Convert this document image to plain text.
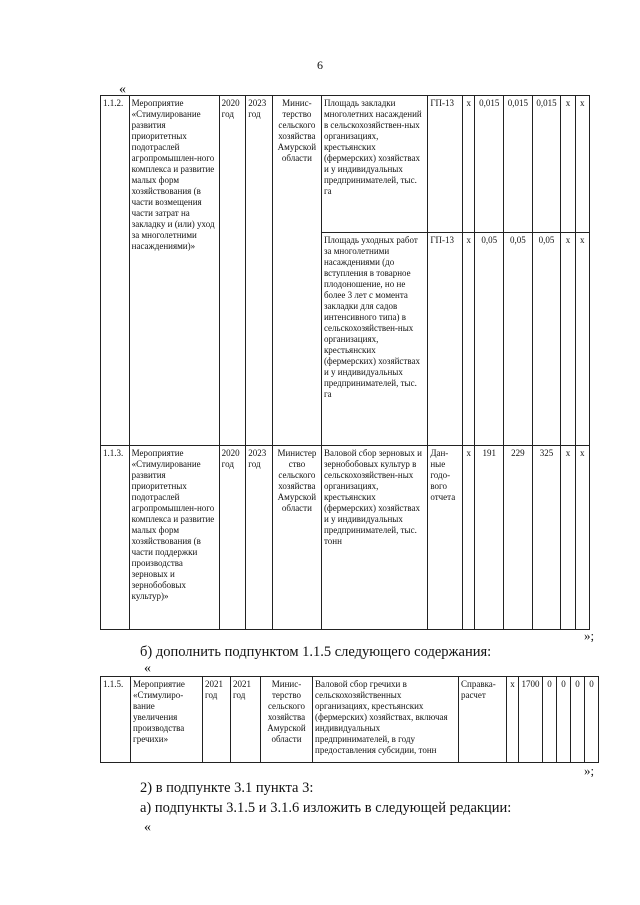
6
«
1.1.2.	Мероприятие «Стимулирование развития приоритетных подотраслей агропромышлен-ного комплекса и развитие малых форм хозяйствования (в части возмещения части затрат на закладку и (или) уход за многолетними насаждениями)»	2020 год	2023 год	Минис-терство сельского хозяйства Амурской области	Площадь закладки многолетних насаждений в сельскохозяйствен-ных организациях, крестьянских (фермерских) хозяйствах и у индивидуальных предпринимателей, тыс. га	ГП-13	х	0,015	0,015	0,015	х	х
					Площадь уходных работ за многолетними насаждениями (до вступления в товарное плодоношение, но не более 3 лет с момента закладки для садов интенсивного типа) в сельскохозяйствен-ных организациях, крестьянских (фермерских) хозяйствах и у индивидуальных предпринимателей, тыс. га	ГП-13	х	0,05	0,05	0,05	х	х
1.1.3.	Мероприятие «Стимулирование развития приоритетных подотраслей агропромышлен-ного комплекса и развитие малых форм хозяйствования (в части поддержки производства зерновых и зернобобовых культур)»	2020 год	2023 год	Министер ство сельского хозяйства Амурской области	Валовой сбор зерновых и зернобобовых культур в сельскохозяйствен-ных организациях, крестьянских (фермерских) хозяйствах и у индивидуальных предпринимателей, тыс. тонн	Дан-ные годо-вого отчета	х	191	229	325	х	х
»;
б) дополнить подпунктом 1.1.5 следующего содержания:
«
1.1.5.	Мероприятие «Стимулиро-вание увеличения производства гречихи»	2021 год	2021 год	Минис-терство сельского хозяйства Амурской области	Валовой сбор гречихи в сельскохозяйственных организациях, крестьянских (фермерских) хозяйствах, включая индивидуальных предпринимателей, в году предоставления субсидии, тонн	Справка-расчет	х	1700	0	0	0	0
»;
2) в подпункте 3.1 пункта 3:
а) подпункты 3.1.5 и 3.1.6 изложить в следующей редакции:
«
